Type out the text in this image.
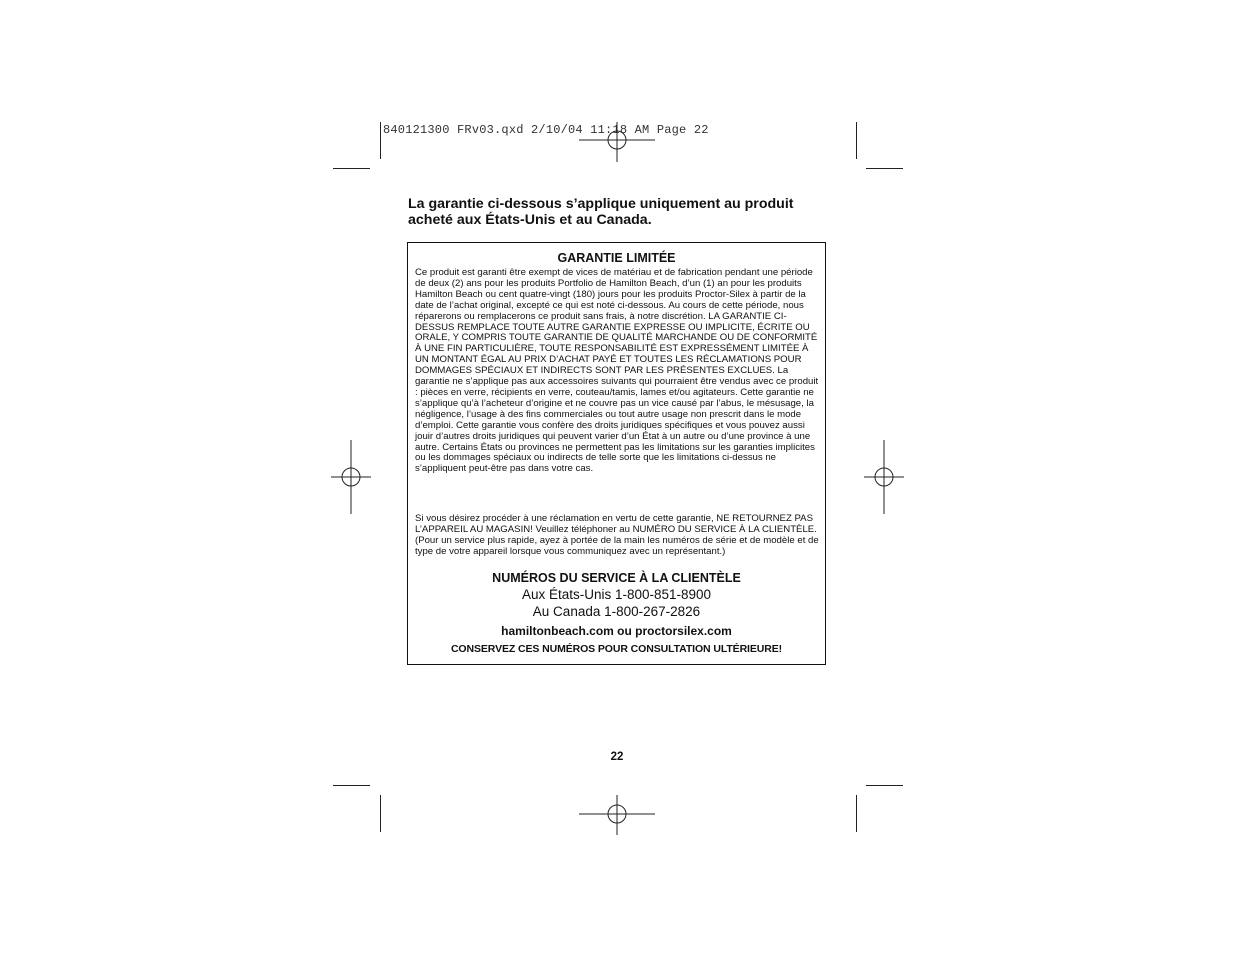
840121300 FRv03.qxd 2/10/04 11:18 AM Page 22
La garantie ci-dessous s’applique uniquement au produit acheté aux États-Unis et au Canada.
GARANTIE LIMITÉE
Ce produit est garanti être exempt de vices de matériau et de fabrication pendant une période de deux (2) ans pour les produits Portfolio de Hamilton Beach, d’un (1) an pour les produits Hamilton Beach ou cent quatre-vingt (180) jours pour les produits Proctor-Silex à partir de la date de l’achat original, excepté ce qui est noté ci-dessous. Au cours de cette période, nous réparerons ou remplacerons ce produit sans frais, à notre discrétion. LA GARANTIE CI-DESSUS REMPLACE TOUTE AUTRE GARANTIE EXPRESSE OU IMPLICITE, ÉCRITE OU ORALE, Y COMPRIS TOUTE GARANTIE DE QUALITÉ MARCHANDE OU DE CONFORMITÉ À UNE FIN PARTICULIÈRE, TOUTE RESPONSABILITÉ EST EXPRESSÉMENT LIMITÉE À UN MONTANT ÉGAL AU PRIX D’ACHAT PAYÉ ET TOUTES LES RÉCLAMATIONS POUR DOMMAGES SPÉCIAUX ET INDIRECTS SONT PAR LES PRÉSENTES EXCLUES. La garantie ne s’applique pas aux accessoires suivants qui pourraient être vendus avec ce produit : pièces en verre, récipients en verre, couteau/tamis, lames et/ou agitateurs. Cette garantie ne s’applique qu’à l’acheteur d’origine et ne couvre pas un vice causé par l’abus, le mésusage, la négligence, l’usage à des fins commerciales ou tout autre usage non prescrit dans le mode d’emploi. Cette garantie vous confère des droits juridiques spécifiques et vous pouvez aussi jouir d’autres droits juridiques qui peuvent varier d’un État à un autre ou d’une province à une autre. Certains États ou provinces ne permettent pas les limitations sur les garanties implicites ou les dommages spéciaux ou indirects de telle sorte que les limitations ci-dessus ne s’appliquent peut-être pas dans votre cas.
Si vous désirez procéder à une réclamation en vertu de cette garantie, NE RETOURNEZ PAS L’APPAREIL AU MAGASIN! Veuillez téléphoner au NUMÉRO DU SERVICE À LA CLIENTÈLE. (Pour un service plus rapide, ayez à portée de la main les numéros de série et de modèle et de type de votre appareil lorsque vous communiquez avec un représentant.)
NUMÉROS DU SERVICE À LA CLIENTÈLE
Aux États-Unis 1-800-851-8900
Au Canada 1-800-267-2826
hamiltonbeach.com ou proctorsilex.com
CONSERVEZ CES NUMÉROS POUR CONSULTATION ULTÉRIEURE!
22
